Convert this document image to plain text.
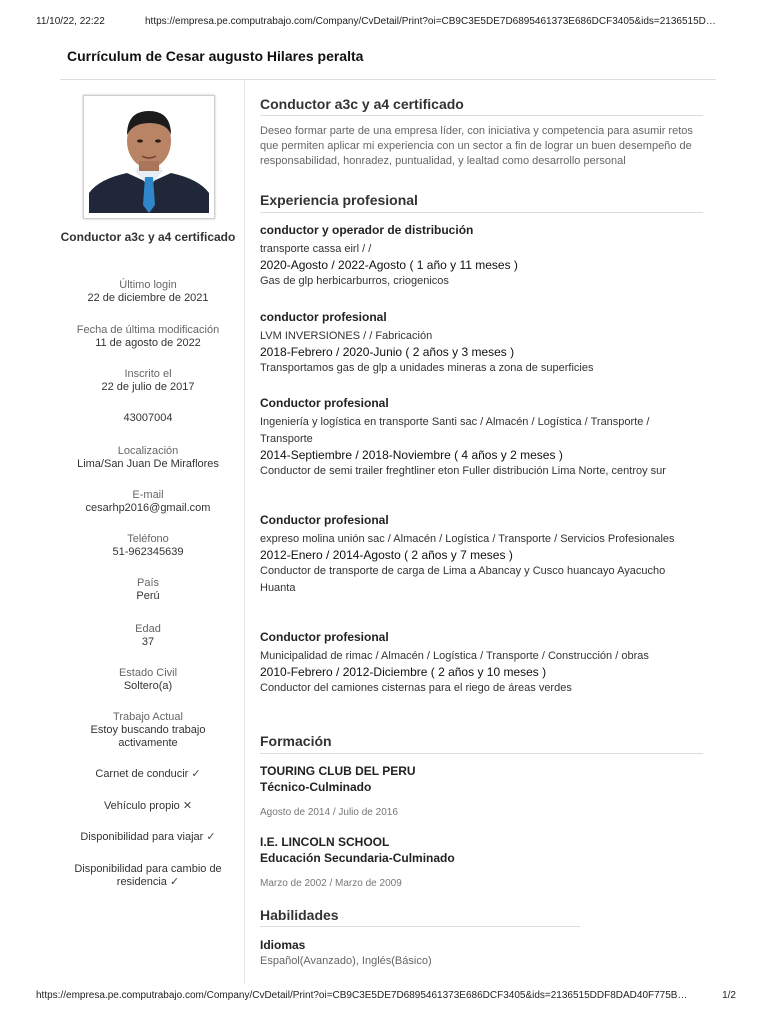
11/10/22, 22:22	https://empresa.pe.computrabajo.com/Company/CvDetail/Print?oi=CB9C3E5DE7D6895461373E686DCF3405&ids=2136515D…
Currículum de Cesar augusto Hilares peralta
Conductor a3c y a4 certificado
Último login
22 de diciembre de 2021
Fecha de última modificación
11 de agosto de 2022
Inscrito el
22 de julio de 2017
43007004
Localización
Lima/San Juan De Miraflores
E-mail
cesarhp2016@gmail.com
Teléfono
51-962345639
País
Perú
Edad
37
Estado Civil
Soltero(a)
Trabajo Actual
Estoy buscando trabajo activamente
Carnet de conducir ✓
Vehículo propio ✕
Disponibilidad para viajar ✓
Disponibilidad para cambio de residencia ✓
Conductor a3c y a4 certificado
Deseo formar parte de una empresa líder, con iniciativa y competencia para asumir retos que permiten aplicar mi experiencia con un sector a fin de lograr un buen desempeño de responsabilidad, honradez, puntualidad, y lealtad como desarrollo personal
Experiencia profesional
conductor y operador de distribución
transporte cassa eirl / /
2020-Agosto / 2022-Agosto ( 1 año y 11 meses )
Gas de glp herbicarburros, criogenicos
conductor profesional
LVM INVERSIONES / / Fabricación
2018-Febrero / 2020-Junio ( 2 años y 3 meses )
Transportamos gas de glp a unidades mineras a zona de superficies
Conductor profesional
Ingeniería y logística en transporte Santi sac / Almacén / Logística / Transporte / Transporte
2014-Septiembre / 2018-Noviembre ( 4 años y 2 meses )
Conductor de semi trailer freghtliner eton Fuller distribución Lima Norte, centroy sur
Conductor profesional
expreso molina unión sac / Almacén / Logística / Transporte / Servicios Profesionales
2012-Enero / 2014-Agosto ( 2 años y 7 meses )
Conductor de transporte de carga de Lima a Abancay y Cusco huancayo Ayacucho Huanta
Conductor profesional
Municipalidad de rimac / Almacén / Logística / Transporte / Construcción / obras
2010-Febrero / 2012-Diciembre ( 2 años y 10 meses )
Conductor del camiones cisternas para el riego de áreas verdes
Formación
TOURING CLUB DEL PERU
Técnico-Culminado
Agosto de 2014 / Julio de 2016
I.E. LINCOLN SCHOOL
Educación Secundaria-Culminado
Marzo de 2002 / Marzo de 2009
Habilidades
Idiomas
Español(Avanzado), Inglés(Básico)
https://empresa.pe.computrabajo.com/Company/CvDetail/Print?oi=CB9C3E5DE7D6895461373E686DCF3405&ids=2136515DDF8DAD40F775B…	1/2
